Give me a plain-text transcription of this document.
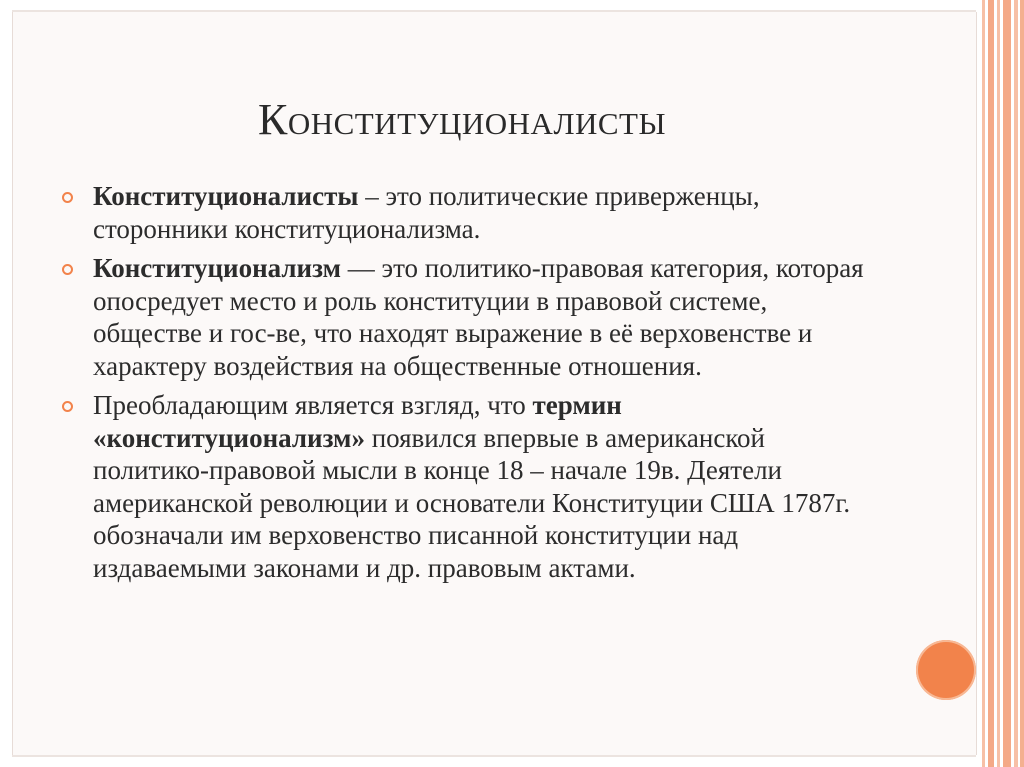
Конституционалисты
Конституционалисты – это политические приверженцы, сторонники конституционализма.
Конституционализм — это политико-правовая категория, которая опосредует место и роль конституции в правовой системе, обществе и гос-ве, что находят выражение в её верховенстве и характеру воздействия на общественные отношения.
Преобладающим является взгляд, что термин «конституционализм» появился впервые в американской политико-правовой мысли в конце 18 – начале 19в. Деятели американской революции и основатели Конституции США 1787г. обозначали им верховенство писанной конституции над издаваемыми законами и др. правовым актами.
